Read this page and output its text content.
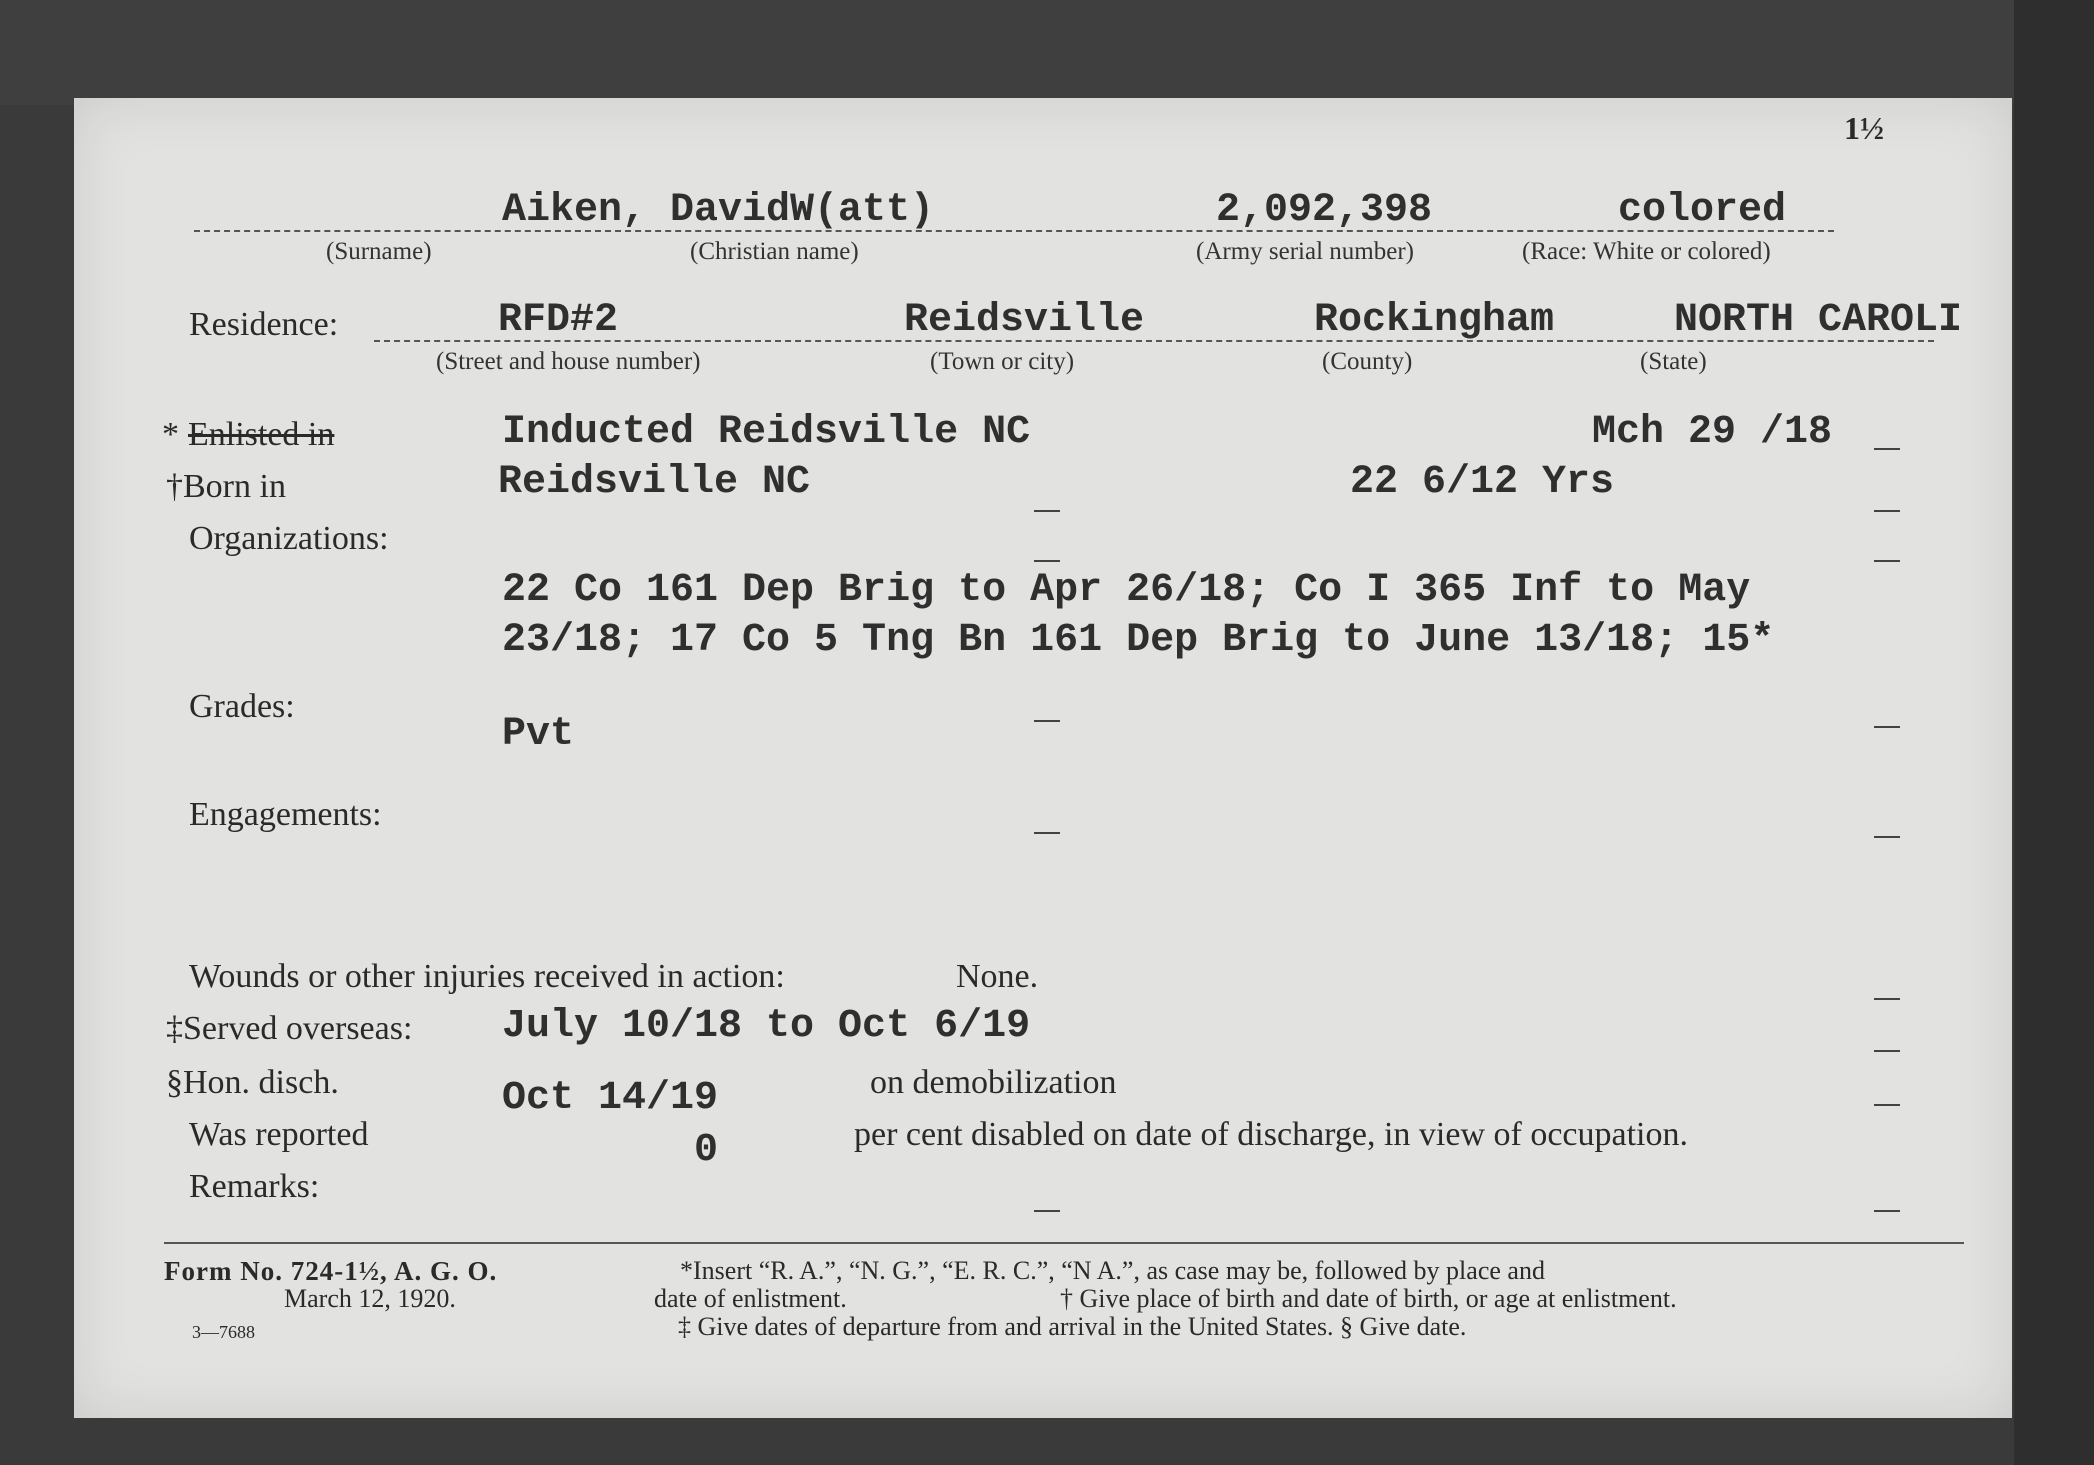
1½
Aiken, DavidW(att)	2,092,398	colored
(Surname)	(Christian name)	(Army serial number)	(Race: White or colored)
Residence:	RFD#2	Reidsville	Rockingham	NORTH CAROLI
(Street and house number)	(Town or city)	(County)	(State)
* Enlisted in	Inducted Reidsville NC	Mch 29 /18
†Born in	Reidsville NC	22 6/12 Yrs
Organizations:
22 Co 161 Dep Brig to Apr 26/18; Co I 365 Inf to May
23/18; 17 Co 5 Tng Bn 161 Dep Brig to June 13/18; 15*
Grades:
Pvt
Engagements:
Wounds or other injuries received in action:	None.
‡Served overseas: July 10/18 to Oct 6/19
§Hon. disch.	Oct 14/19	on demobilization
Was reported	0	per cent disabled on date of discharge, in view of occupation.
Remarks:
Form No. 724-1½, A. G. O.
March 12, 1920.
3—7688
*Insert “R. A.”, “N. G.”, “E. R. C.”, “N A.”, as case may be, followed by place and
date of enlistment.	† Give place of birth and date of birth, or age at enlistment.
‡ Give dates of departure from and arrival in the United States. § Give date.
